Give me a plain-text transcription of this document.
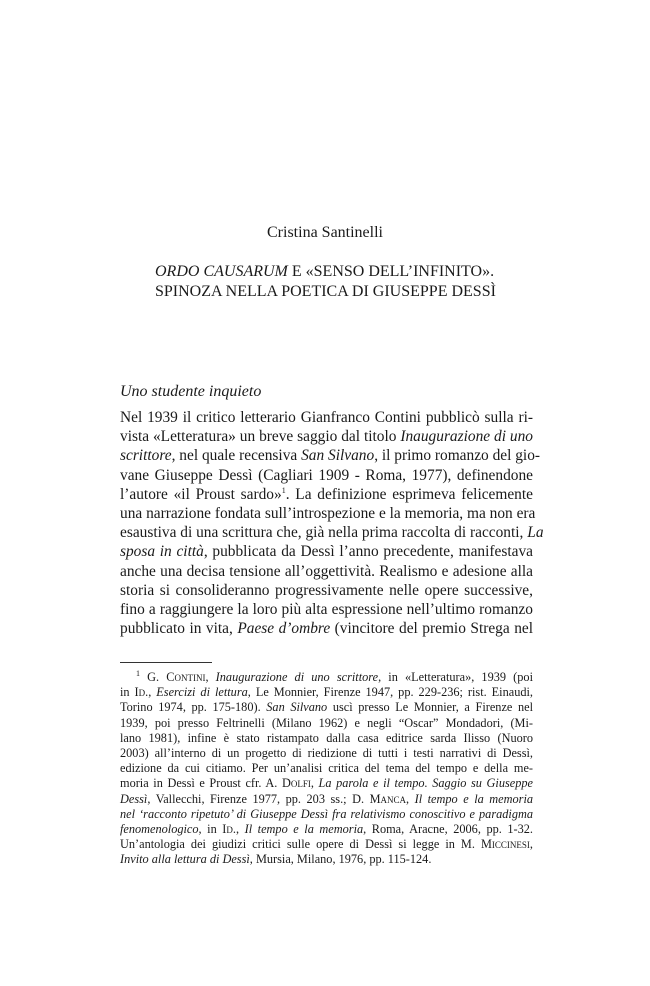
Cristina Santinelli
ORDO CAUSARUM E «SENSO DELL’INFINITO».
SPINOZA NELLA POETICA DI GIUSEPPE DESSÌ
Uno studente inquieto
Nel 1939 il critico letterario Gianfranco Contini pubblicò sulla ri-
vista «Letteratura» un breve saggio dal titolo Inaugurazione di uno
scrittore, nel quale recensiva San Silvano, il primo romanzo del gio-
vane Giuseppe Dessì (Cagliari 1909 - Roma, 1977), definendone
l’autore «il Proust sardo»$^1$. La definizione esprimeva felicemente
una narrazione fondata sull’introspezione e la memoria, ma non era
esaustiva di una scrittura che, già nella prima raccolta di racconti, La
sposa in città, pubblicata da Dessì l’anno precedente, manifestava
anche una decisa tensione all’oggettività. Realismo e adesione alla
storia si consolideranno progressivamente nelle opere successive,
fino a raggiungere la loro più alta espressione nell’ultimo romanzo
pubblicato in vita, Paese d’ombre (vincitore del premio Strega nel
$^1$ G. Contini, Inaugurazione di uno scrittore, in «Letteratura», 1939 (poi
in Id., Esercizi di lettura, Le Monnier, Firenze 1947, pp. 229-236; rist. Einaudi,
Torino 1974, pp. 175-180). San Silvano uscì presso Le Monnier, a Firenze nel
1939, poi presso Feltrinelli (Milano 1962) e negli “Oscar” Mondadori, (Mi-
lano 1981), infine è stato ristampato dalla casa editrice sarda Ilisso (Nuoro
2003) all’interno di un progetto di riedizione di tutti i testi narrativi di Dessì,
edizione da cui citiamo. Per un’analisi critica del tema del tempo e della me-
moria in Dessì e Proust cfr. A. Dolfi, La parola e il tempo. Saggio su Giuseppe
Dessì, Vallecchi, Firenze 1977, pp. 203 ss.; D. Manca, Il tempo e la memoria
nel ‘racconto ripetuto’ di Giuseppe Dessì fra relativismo conoscitivo e paradigma
fenomenologico, in Id., Il tempo e la memoria, Roma, Aracne, 2006, pp. 1-32.
Un’antologia dei giudizi critici sulle opere di Dessì si legge in M. Miccinesi,
Invito alla lettura di Dessì, Mursia, Milano, 1976, pp. 115-124.
